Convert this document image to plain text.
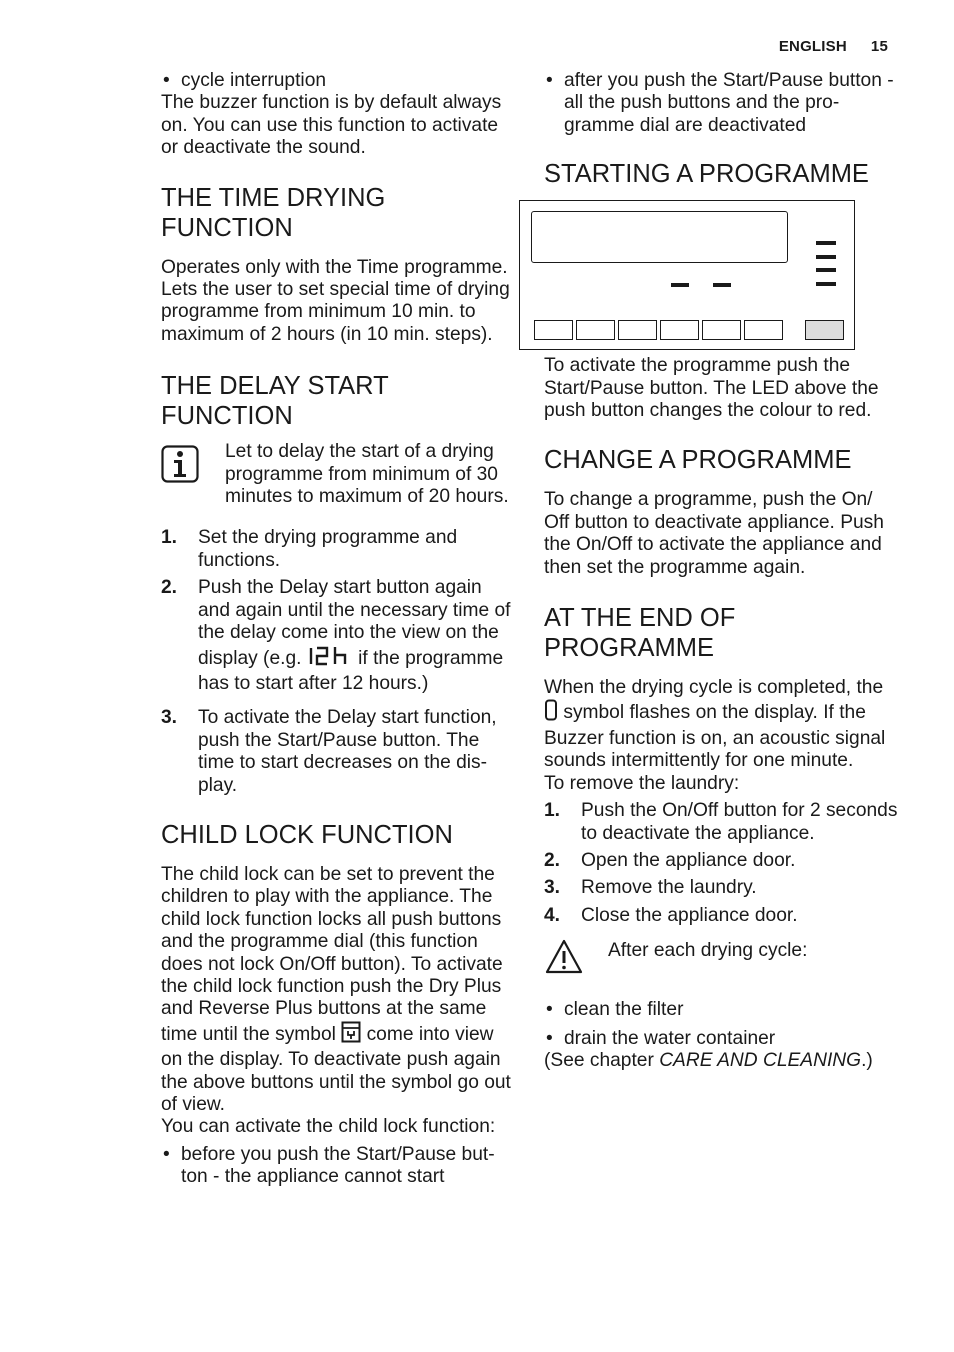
ENGLISH 15
• cycle interruption

The buzzer function is by default always on. You can use this function to activate or deactivate the sound.

THE TIME DRYING FUNCTION

Operates only with the Time programme. Lets the user to set special time of drying programme from minimum 10 min. to maximum of 2 hours (in 10 min. steps).

THE DELAY START FUNCTION

Let to delay the start of a drying programme from minimum of 30 minutes to maximum of 20 hours.

1. Set the drying programme and functions.
2. Push the Delay start button again and again until the necessary time of the delay come into the view on the display (e.g.	if the programme has to start after 12 hours.)
3. To activate the Delay start function, push the Start/Pause button. The time to start decreases on the display.
CHILD LOCK FUNCTION

The child lock can be set to prevent the children to play with the appliance. The child lock function locks all push buttons and the programme dial (this function does not lock On/Off button). To activate the child lock function push the Dry Plus and Reverse Plus buttons at the same time until the symbol come into view on the display. To deactivate push again the above buttons until the symbol go out of view.

You can activate the child lock function:

• before you push the Start/Pause button - the appliance cannot start
• after you push the Start/Pause button - all the push buttons and the programme dial are deactivated
STARTING A PROGRAMME

To activate the programme push the Start/Pause button. The LED above the push button changes the colour to red.

CHANGE A PROGRAMME

To change a programme, push the On/ Off button to deactivate appliance. Push the On/Off to activate the appliance and then set the programme again.

AT THE END OF PROGRAMME

When the drying cycle is completed, the  symbol flashes on the display. If the Buzzer function is on, an acoustic signal sounds intermittently for one minute.

To remove the laundry:

1. Push the On/Off button for 2 seconds to deactivate the appliance.
2. Open the appliance door.
3. Remove the laundry.
4. Close the appliance door.

After each drying cycle:

• clean the filter
• drain the water container

(See chapter CARE AND CLEANING.)
